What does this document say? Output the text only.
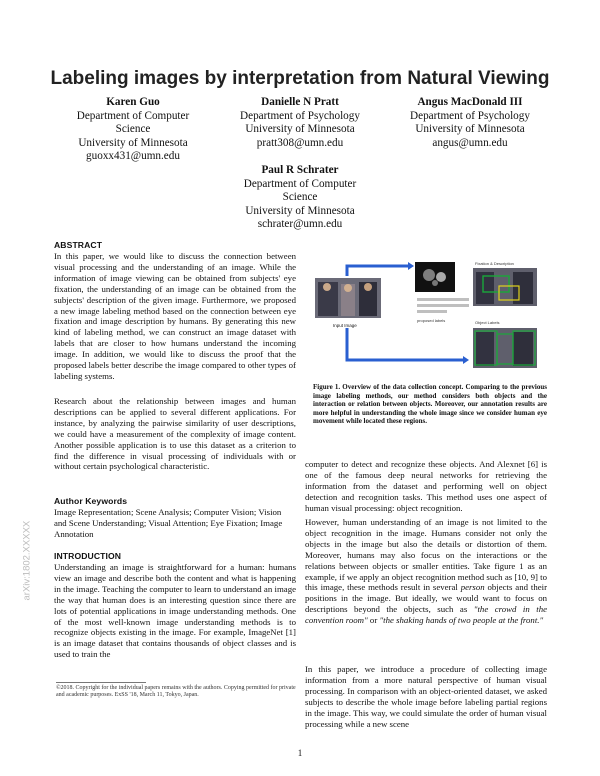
arXiv:1802.XXXXX
Labeling images by interpretation from Natural Viewing
Karen Guo
Department of Computer Science
University of Minnesota
guoxx431@umn.edu
Danielle N Pratt
Department of Psychology
University of Minnesota
pratt308@umn.edu
Angus MacDonald III
Department of Psychology
University of Minnesota
angus@umn.edu
Paul R Schrater
Department of Computer Science
University of Minnesota
schrater@umn.edu
ABSTRACT

In this paper, we would like to discuss the connection between visual processing and the understanding of an image. While the information of image viewing can be obtained from subjects' eye fixation, the understanding of an image can be obtained from the subjects' description of the given image. Furthermore, we proposed a new image labeling method based on the connection between eye fixation and image description by humans. By generating this new kind of labeling method, we can construct an image dataset with labels that are closer to how humans understand the incoming image. In addition, we would like to discuss the proof that the proposed labels better describe the image compared to other types of labeling systems.

Research about the relationship between images and human descriptions can be applied to several different applications. For instance, by analyzing the pairwise similarity of user descriptions, we could have a measurement of the complexity of image content. Another possible application is to use this dataset as a criterion to find the difference in visual processing of individuals with or without certain psychological characteristic.

Author Keywords

Image Representation; Scene Analysis; Computer Vision; Vision and Scene Understanding; Visual Attention; Eye Fixation; Image Annotation

INTRODUCTION

Understanding an image is straightforward for a human: humans view an image and describe both the content and what is happening in the image. Teaching the computer to learn to understand an image the way that human does is an interesting question since there are lots of potential applications in image understanding methods. One of the most well-known image understanding methods is to recognize objects existing in the image. For example, ImageNet [1] is an image dataset that contains thousands of object classes and is used to train the

©2018. Copyright for the individual papers remains with the authors. Copying permitted for private and academic purposes. ExSS '18, March 11, Tokyo, Japan.

Input Image
proposed labels
Fixation & Description
Object Labels

Figure 1. Overview of the data collection concept. Comparing to the previous image labeling methods, our method considers both objects and the interaction or relation between objects. Moreover, our annotation results are more helpful in understanding the whole image since we consider human eye movement while located these regions.

computer to detect and recognize these objects. And Alexnet [6] is one of the famous deep neural networks for retrieving the information from the dataset and performing well on object detection and recognition tasks. This method uses one aspect of human visual processing: object recognition.

However, human understanding of an image is not limited to the object recognition in the image. Humans consider not only the objects in the image but also the details or distortion of them. Moreover, humans may also focus on the interactions or the relations between objects or smaller entities. Take figure 1 as an example, if we apply an object recognition method such as [10, 9] to this image, these methods result in several person objects and their positions in the image. But ideally, we would want to focus on descriptions beyond the objects, such as "the crowd in the convention room" or "the shaking hands of two people at the front."

In this paper, we introduce a procedure of collecting image information from a more natural perspective of human visual processing. In comparison with an object-oriented dataset, we asked subjects to describe the whole image before labeling partial regions in the image. This way, we could simulate the order of human visual processing while a new scene

1
